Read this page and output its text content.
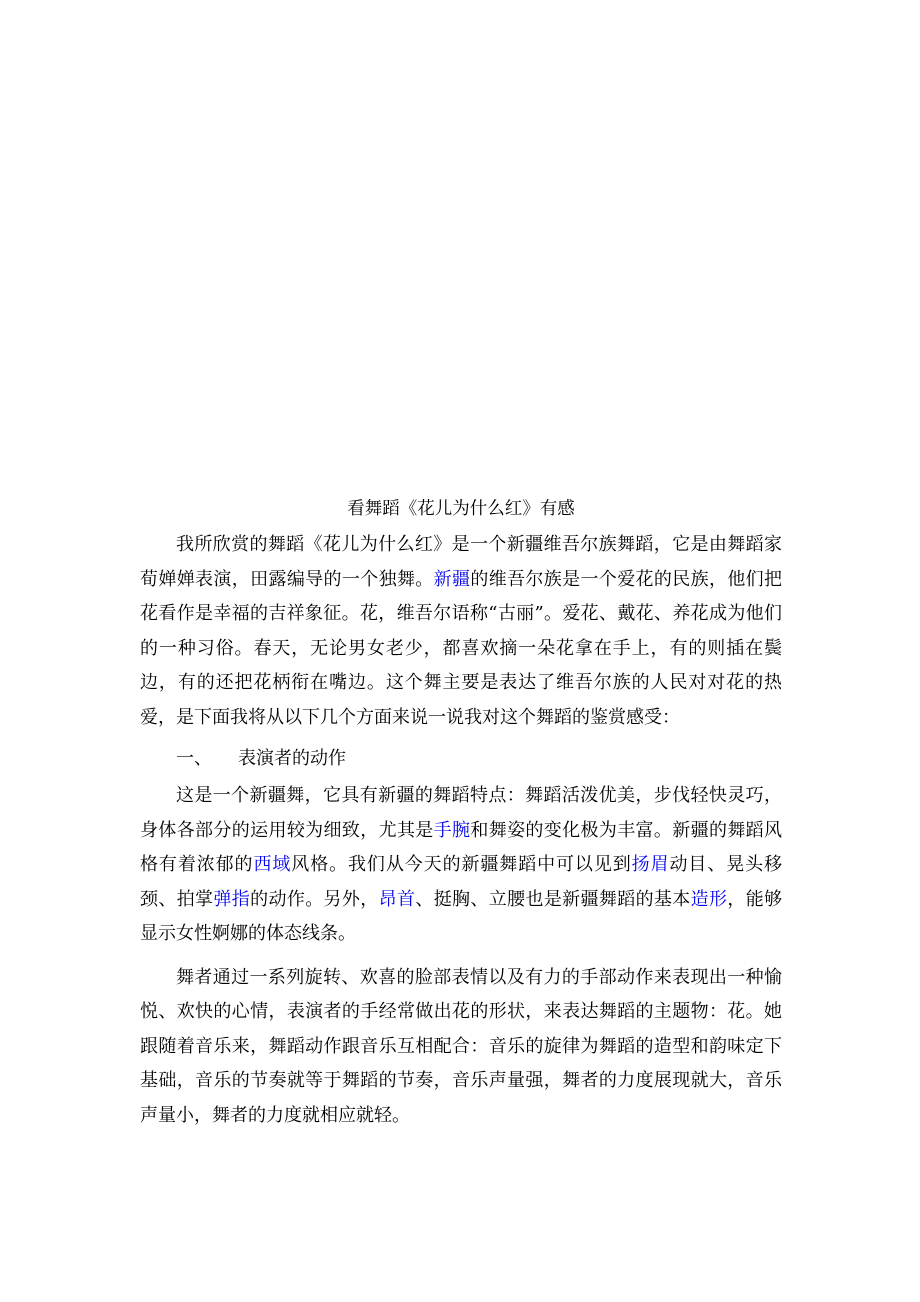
看舞蹈《花儿为什么红》有感

我所欣赏的舞蹈《花儿为什么红》是一个新疆维吾尔族舞蹈，它是由舞蹈家荀婵婵表演，田露编导的一个独舞。新疆的维吾尔族是一个爱花的民族，他们把花看作是幸福的吉祥象征。花，维吾尔语称“古丽”。爱花、戴花、养花成为他们的一种习俗。春天，无论男女老少，都喜欢摘一朵花拿在手上，有的则插在鬓边，有的还把花柄衔在嘴边。这个舞主要是表达了维吾尔族的人民对对花的热爱，是下面我将从以下几个方面来说一说我对这个舞蹈的鉴赏感受：

一、 表演者的动作

这是一个新疆舞，它具有新疆的舞蹈特点：舞蹈活泼优美，步伐轻快灵巧，身体各部分的运用较为细致，尤其是手腕和舞姿的变化极为丰富。新疆的舞蹈风格有着浓郁的西域风格。我们从今天的新疆舞蹈中可以见到扬眉动目、晃头移颈、拍掌弹指的动作。另外，昂首、挺胸、立腰也是新疆舞蹈的基本造形，能够显示女性婀娜的体态线条。

舞者通过一系列旋转、欢喜的脸部表情以及有力的手部动作来表现出一种愉悦、欢快的心情，表演者的手经常做出花的形状，来表达舞蹈的主题物：花。她跟随着音乐来，舞蹈动作跟音乐互相配合：音乐的旋律为舞蹈的造型和韵味定下基础，音乐的节奏就等于舞蹈的节奏，音乐声量强，舞者的力度展现就大，音乐声量小，舞者的力度就相应就轻。
